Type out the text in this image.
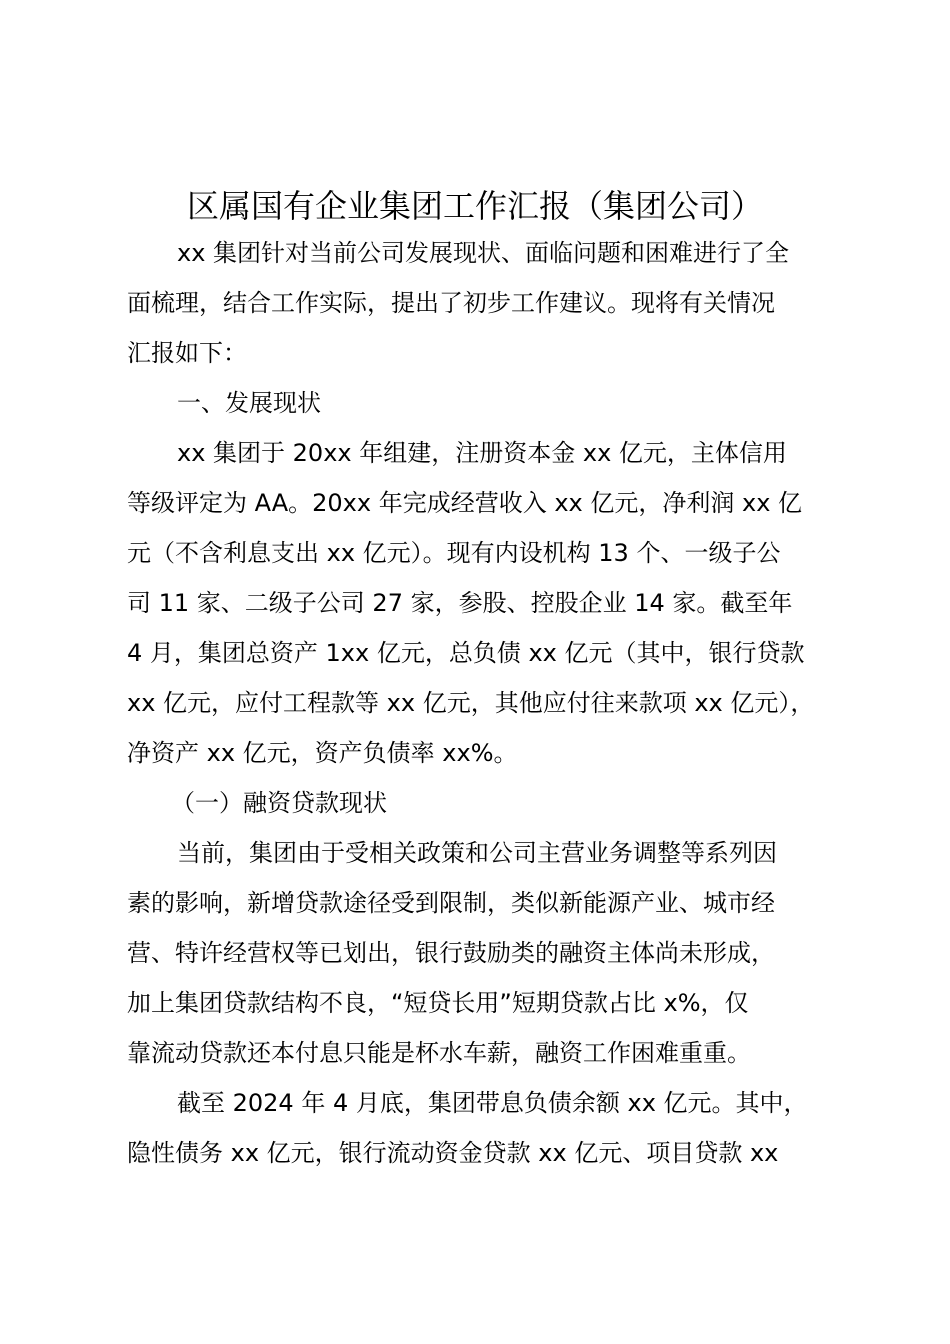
区属国有企业集团工作汇报（集团公司）
xx 集团针对当前公司发展现状、面临问题和困难进行了全
面梳理，结合工作实际，提出了初步工作建议。现将有关情况
汇报如下：
一、发展现状
xx 集团于 20xx 年组建，注册资本金 xx 亿元，主体信用
等级评定为 AA。20xx 年完成经营收入 xx 亿元，净利润 xx 亿
元（不含利息支出 xx 亿元）。现有内设机构 13 个、一级子公
司 11 家、二级子公司 27 家，参股、控股企业 14 家。截至年
4 月，集团总资产 1xx 亿元，总负债 xx 亿元（其中，银行贷款
xx 亿元，应付工程款等 xx 亿元，其他应付往来款项 xx 亿元），
净资产 xx 亿元，资产负债率 xx%。
（一）融资贷款现状
当前，集团由于受相关政策和公司主营业务调整等系列因
素的影响，新增贷款途径受到限制，类似新能源产业、城市经
营、特许经营权等已划出，银行鼓励类的融资主体尚未形成，
加上集团贷款结构不良，“短贷长用”短期贷款占比 x%，仅
靠流动贷款还本付息只能是杯水车薪，融资工作困难重重。
截至 2024 年 4 月底，集团带息负债余额 xx 亿元。其中，
隐性债务 xx 亿元，银行流动资金贷款 xx 亿元、项目贷款 xx
